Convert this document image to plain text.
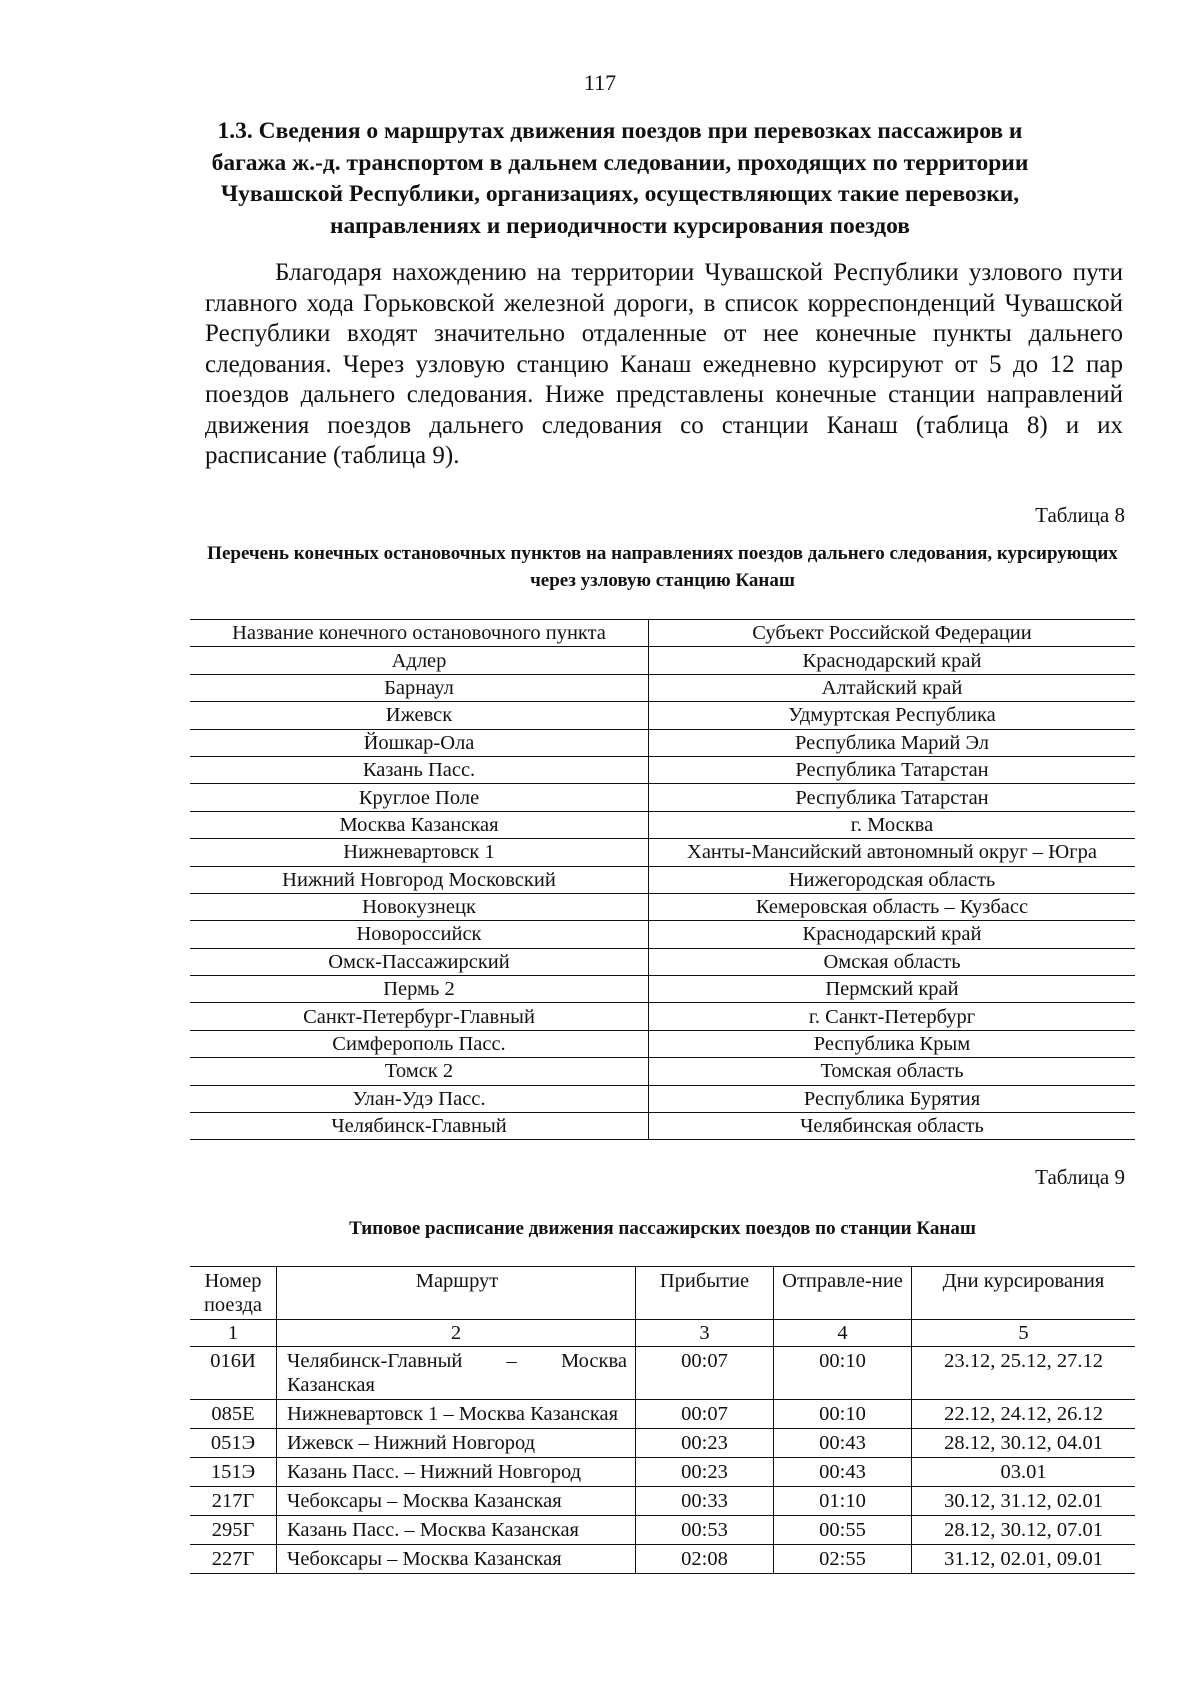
117
1.3. Сведения о маршрутах движения поездов при перевозках пассажиров и багажа ж.-д. транспортом в дальнем следовании, проходящих по территории Чувашской Республики, организациях, осуществляющих такие перевозки, направлениях и периодичности курсирования поездов
Благодаря нахождению на территории Чувашской Республики узлового пути главного хода Горьковской железной дороги, в список корреспонденций Чувашской Республики входят значительно отдаленные от нее конечные пункты дальнего следования. Через узловую станцию Канаш ежедневно курсируют от 5 до 12 пар поездов дальнего следования. Ниже представлены конечные станции направлений движения поездов дальнего следования со станции Канаш (таблица 8) и их расписание (таблица 9).
Таблица 8
Перечень конечных остановочных пунктов на направлениях поездов дальнего следования, курсирующих через узловую станцию Канаш
Название конечного остановочного пункта	Субъект Российской Федерации
Адлер	Краснодарский край
Барнаул	Алтайский край
Ижевск	Удмуртская Республика
Йошкар-Ола	Республика Марий Эл
Казань Пасс.	Республика Татарстан
Круглое Поле	Республика Татарстан
Москва Казанская	г. Москва
Нижневартовск 1	Ханты-Мансийский автономный округ – Югра
Нижний Новгород Московский	Нижегородская область
Новокузнецк	Кемеровская область – Кузбасс
Новороссийск	Краснодарский край
Омск-Пассажирский	Омская область
Пермь 2	Пермский край
Санкт-Петербург-Главный	г. Санкт-Петербург
Симферополь Пасс.	Республика Крым
Томск 2	Томская область
Улан-Удэ Пасс.	Республика Бурятия
Челябинск-Главный	Челябинская область
Таблица 9
Типовое расписание движения пассажирских поездов по станции Канаш
Номер поезда	Маршрут	Прибытие	Отправле-ние	Дни курсирования
1	2	3	4	5
016И	Челябинск-Главный – Москва Казанская	00:07	00:10	23.12, 25.12, 27.12
085Е	Нижневартовск 1 – Москва Казанская	00:07	00:10	22.12, 24.12, 26.12
051Э	Ижевск – Нижний Новгород	00:23	00:43	28.12, 30.12, 04.01
151Э	Казань Пасс. – Нижний Новгород	00:23	00:43	03.01
217Г	Чебоксары – Москва Казанская	00:33	01:10	30.12, 31.12, 02.01
295Г	Казань Пасс. – Москва Казанская	00:53	00:55	28.12, 30.12, 07.01
227Г	Чебоксары – Москва Казанская	02:08	02:55	31.12, 02.01, 09.01
